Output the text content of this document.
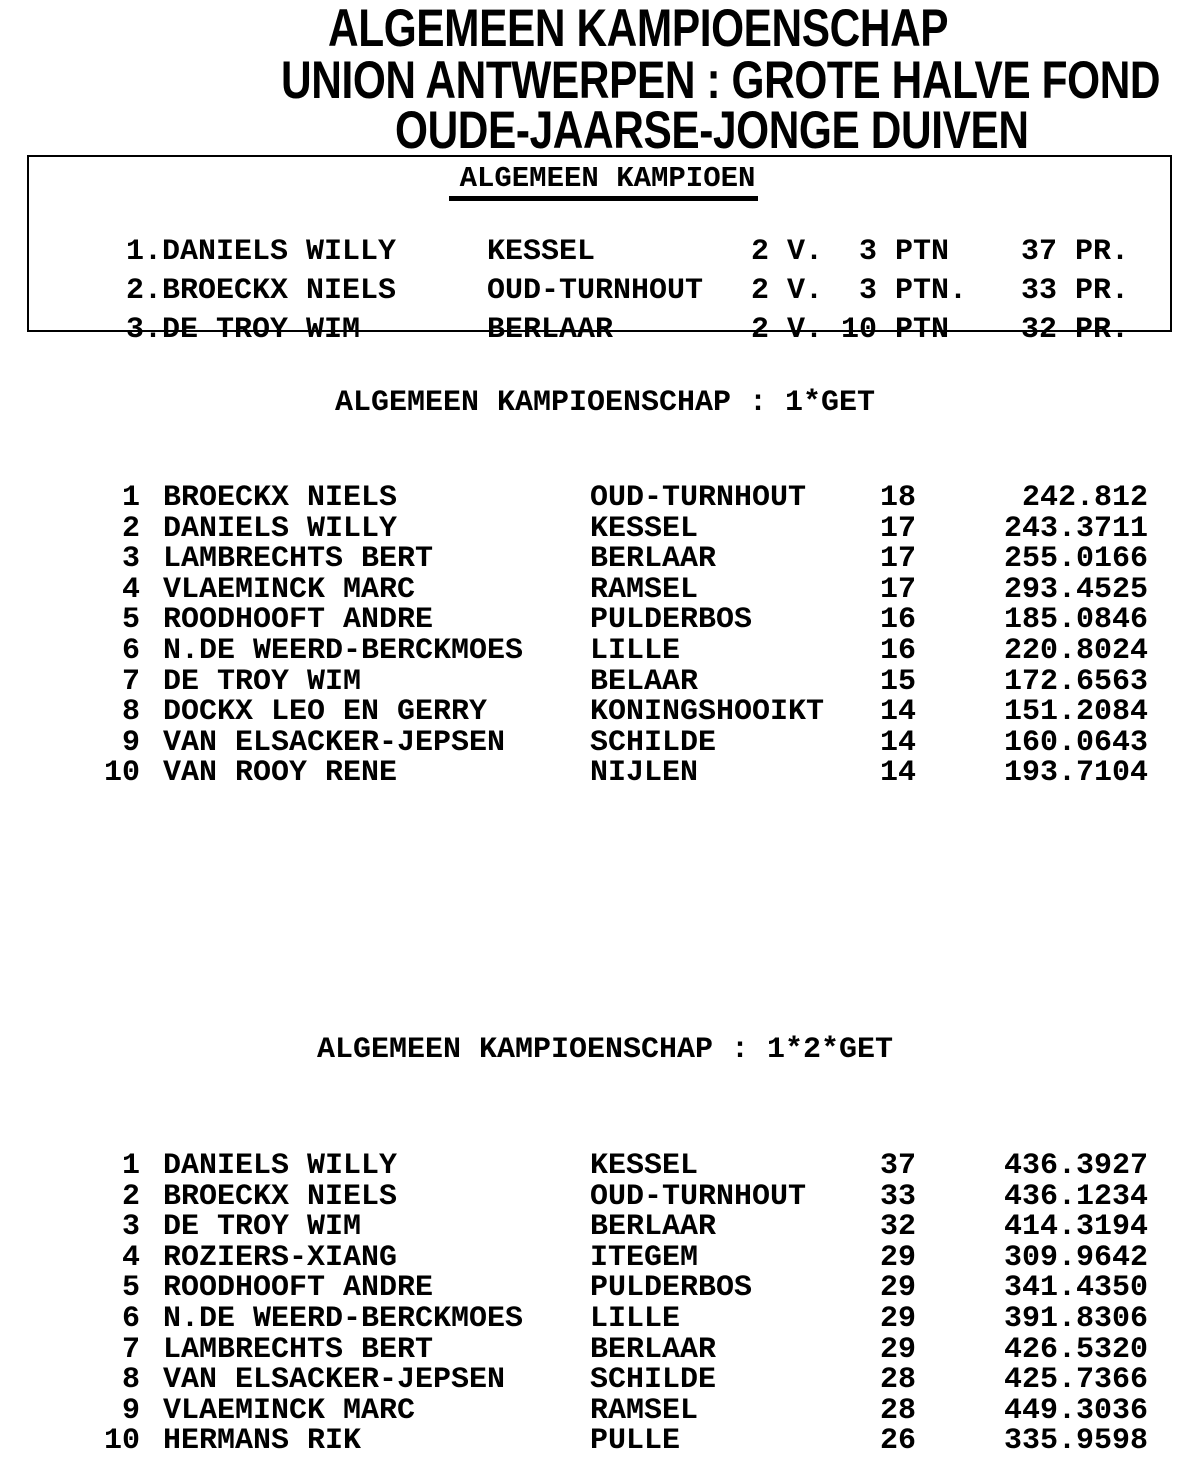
ALGEMEEN KAMPIOENSCHAP
UNION ANTWERPEN : GROTE HALVE FOND
OUDE-JAARSE-JONGE DUIVEN
ALGEMEEN KAMPIOEN
1. DANIELS WILLY	KESSEL	2 V.  3 PTN    37 PR.
2. BROECKX NIELS	OUD-TURNHOUT	2 V.  3 PTN.   33 PR.
3. DE TROY WIM	BERLAAR	2 V. 10 PTN    32 PR.
ALGEMEEN KAMPIOENSCHAP : 1*GET
1 BROECKX NIELS	OUD-TURNHOUT	18	242.812
2 DANIELS WILLY	KESSEL	17	243.3711
3 LAMBRECHTS BERT	BERLAAR	17	255.0166
4 VLAEMINCK MARC	RAMSEL	17	293.4525
5 ROODHOOFT ANDRE	PULDERBOS	16	185.0846
6 N.DE WEERD-BERCKMOES	LILLE	16	220.8024
7 DE TROY WIM	BELAAR	15	172.6563
8 DOCKX LEO EN GERRY	KONINGSHOOIKT	14	151.2084
9 VAN ELSACKER-JEPSEN	SCHILDE	14	160.0643
10 VAN ROOY RENE	NIJLEN	14	193.7104
ALGEMEEN KAMPIOENSCHAP : 1*2*GET
1 DANIELS WILLY	KESSEL	37	436.3927
2 BROECKX NIELS	OUD-TURNHOUT	33	436.1234
3 DE TROY WIM	BERLAAR	32	414.3194
4 ROZIERS-XIANG	ITEGEM	29	309.9642
5 ROODHOOFT ANDRE	PULDERBOS	29	341.4350
6 N.DE WEERD-BERCKMOES	LILLE	29	391.8306
7 LAMBRECHTS BERT	BERLAAR	29	426.5320
8 VAN ELSACKER-JEPSEN	SCHILDE	28	425.7366
9 VLAEMINCK MARC	RAMSEL	28	449.3036
10 HERMANS RIK	PULLE	26	335.9598
